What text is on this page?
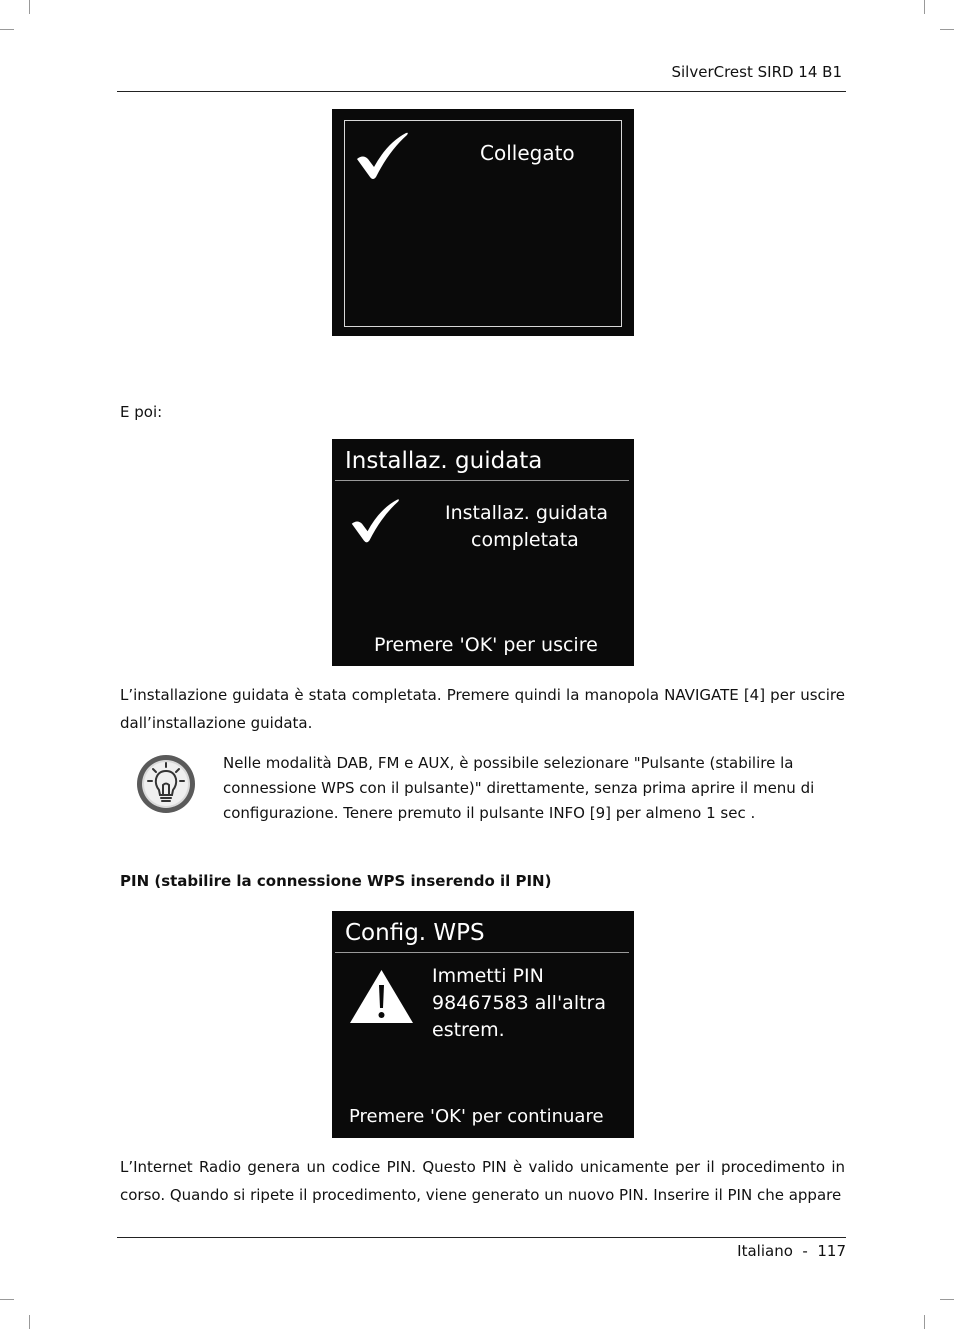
SilverCrest SIRD 14 B1
Collegato
E poi:
Installaz. guidata
Installaz. guidata
completata
Premere 'OK' per uscire
L’installazione guidata è stata completata. Premere quindi la manopola NAVIGATE [4] per uscire dall’installazione guidata.
Nelle modalità DAB, FM e AUX, è possibile selezionare "Pulsante (stabilire la connessione WPS con il pulsante)" direttamente, senza prima aprire il menu di configurazione. Tenere premuto il pulsante INFO [9] per almeno 1 sec .
PIN (stabilire la connessione WPS inserendo il PIN)
Config. WPS
Immetti PIN
98467583 all'altra
estrem.
Premere 'OK' per continuare
L’Internet Radio genera un codice PIN. Questo PIN è valido unicamente per il procedimento in corso. Quando si ripete il procedimento, viene generato un nuovo PIN. Inserire il PIN che appare
Italiano  -  117
